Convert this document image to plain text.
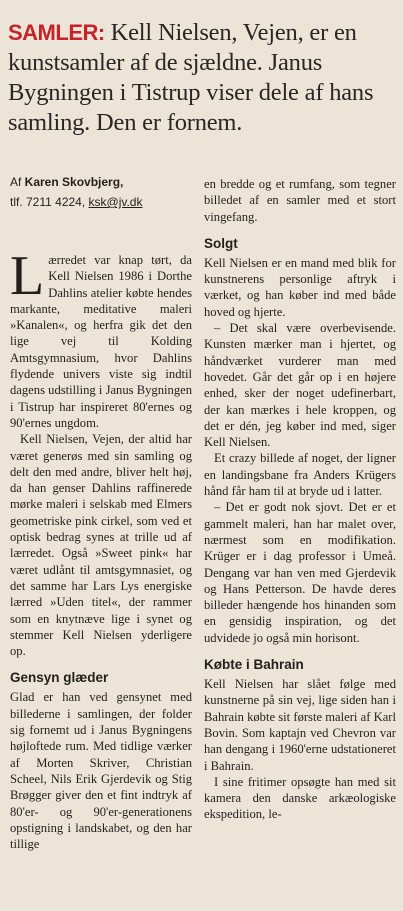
SAMLER: Kell Nielsen, Vejen, er en kunstsamler af de sjældne. Janus Bygningen i Tistrup viser dele af hans samling. Den er fornem.
Af Karen Skovbjerg,
tlf. 7211 4224, ksk@jv.dk

Lærredet var knap tørt, da Kell Nielsen 1986 i Dorthe Dahlins atelier købte hendes markante, meditative maleri »Kanalen«, og herfra gik det den lige vej til Kolding Amtsgymnasium, hvor Dahlins flydende univers viste sig indtil dagens udstilling i Janus Bygningen i Tistrup har inspireret 80'ernes og 90'ernes ungdom.

Kell Nielsen, Vejen, der altid har været generøs med sin samling og delt den med andre, bliver helt høj, da han genser Dahlins raffinerede mørke maleri i selskab med Elmers geometriske pink cirkel, som ved et optisk bedrag synes at trille ud af lærredet. Også »Sweet pink« har været udlånt til amtsgymnasiet, og det samme har Lars Lys energiske lærred »Uden titel«, der rammer som en knytnæve lige i synet og stemmer Kell Nielsen yderligere op.

Gensyn glæder

Glad er han ved gensynet med billederne i samlingen, der folder sig fornemt ud i Janus Bygningens højloftede rum. Med tidlige værker af Morten Skriver, Christian Scheel, Nils Erik Gjerdevik og Stig Brøgger giver den et fint indtryk af 80'er- og 90'er-generationens opstigning i landskabet, og den har tillige

en bredde og et rumfang, som tegner billedet af en samler med et stort vingefang.

Solgt

Kell Nielsen er en mand med blik for kunstnerens personlige aftryk i værket, og han køber ind med både hoved og hjerte.

– Det skal være overbevisende. Kunsten mærker man i hjertet, og håndværket vurderer man med hovedet. Går det går op i en højere enhed, sker der noget udefinerbart, der kan mærkes i hele kroppen, og det er dén, jeg køber ind med, siger Kell Nielsen.

Et crazy billede af noget, der ligner en landingsbane fra Anders Krügers hånd får ham til at bryde ud i latter.

– Det er godt nok sjovt. Det er et gammelt maleri, han har malet over, nærmest som en modifikation. Krüger er i dag professor i Umeå. Dengang var han ven med Gjerdevik og Hans Petterson. De havde deres billeder hængende hos hinanden som en gensidig inspiration, og det udvidede jo også min horisont.

Købte i Bahrain

Kell Nielsen har slået følge med kunstnerne på sin vej, lige siden han i Bahrain købte sit første maleri af Karl Bovin. Som kaptajn ved Chevron var han dengang i 1960'erne udstationeret i Bahrain.

I sine fritimer opsøgte han med sit kamera den danske arkæologiske ekspedition, le-
